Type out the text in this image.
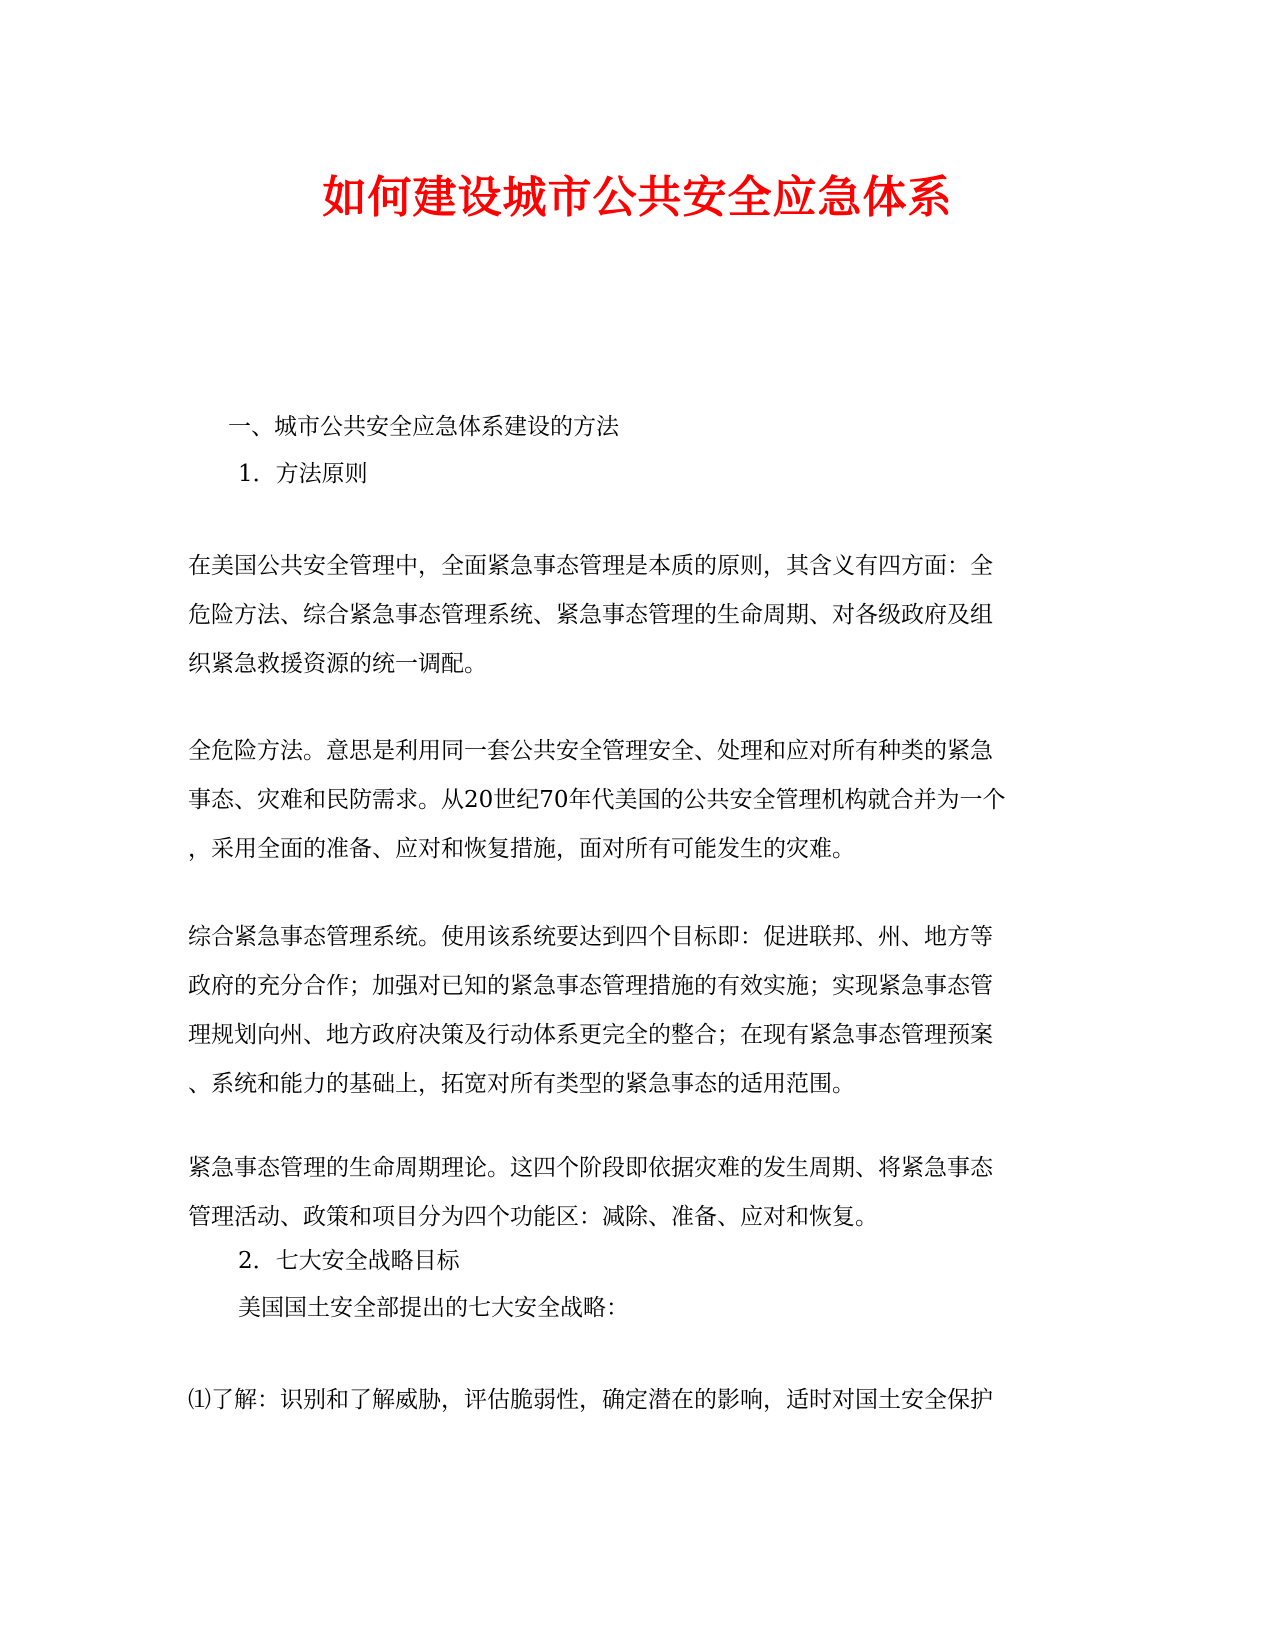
如何建设城市公共安全应急体系
一、城市公共安全应急体系建设的方法
1．方法原则
在美国公共安全管理中，全面紧急事态管理是本质的原则，其含义有四方面：全
危险方法、综合紧急事态管理系统、紧急事态管理的生命周期、对各级政府及组
织紧急救援资源的统一调配。
全危险方法。意思是利用同一套公共安全管理安全、处理和应对所有种类的紧急
事态、灾难和民防需求。从20世纪70年代美国的公共安全管理机构就合并为一个
，采用全面的准备、应对和恢复措施，面对所有可能发生的灾难。
综合紧急事态管理系统。使用该系统要达到四个目标即：促进联邦、州、地方等
政府的充分合作；加强对已知的紧急事态管理措施的有效实施；实现紧急事态管
理规划向州、地方政府决策及行动体系更完全的整合；在现有紧急事态管理预案
、系统和能力的基础上，拓宽对所有类型的紧急事态的适用范围。
紧急事态管理的生命周期理论。这四个阶段即依据灾难的发生周期、将紧急事态
管理活动、政策和项目分为四个功能区：减除、准备、应对和恢复。
2．七大安全战略目标
美国国土安全部提出的七大安全战略：
⑴了解：识别和了解威胁，评估脆弱性，确定潜在的影响，适时对国土安全保护
